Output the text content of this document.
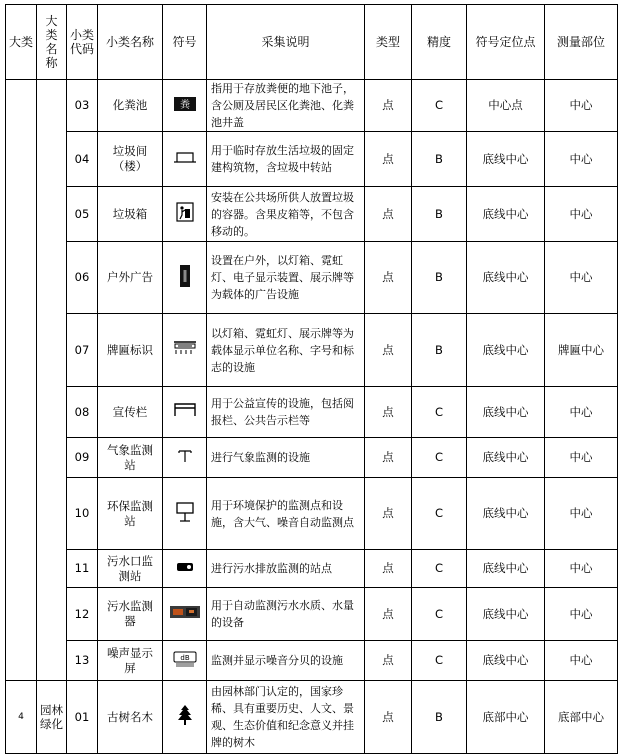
大类	大类名称	小类代码	小类名称	符号	采集说明	类型	精度	符号定位点	测量部位
		03	化粪池	粪	指用于存放粪便的地下池子，含公厕及居民区化粪池、化粪池井盖	点	C	中心点	中心
		04	垃圾间（楼）		用于临时存放生活垃圾的固定建构筑物，含垃圾中转站	点	B	底线中心	中心
		05	垃圾箱		安装在公共场所供人放置垃圾的容器。含果皮箱等，不包含移动的。	点	B	底线中心	中心
		06	户外广告		设置在户外，以灯箱、霓虹灯、电子显示装置、展示牌等为载体的广告设施	点	B	底线中心	中心
		07	牌匾标识		以灯箱、霓虹灯、展示牌等为载体显示单位名称、字号和标志的设施	点	B	底线中心	牌匾中心
		08	宣传栏		用于公益宣传的设施，包括阅报栏、公共告示栏等	点	C	底线中心	中心
		09	气象监测站		进行气象监测的设施	点	C	底线中心	中心
		10	环保监测站		用于环境保护的监测点和设施，含大气、噪音自动监测点	点	C	底线中心	中心
		11	污水口监测站		进行污水排放监测的站点	点	C	底线中心	中心
		12	污水监测器		用于自动监测污水水质、水量的设备	点	C	底线中心	中心
		13	噪声显示屏	dB	监测并显示噪音分贝的设施	点	C	底线中心	中心
4	园林绿化	01	古树名木		由园林部门认定的，国家珍稀、具有重要历史、人文、景观、生态价值和纪念意义并挂牌的树木	点	B	底部中心	底部中心
